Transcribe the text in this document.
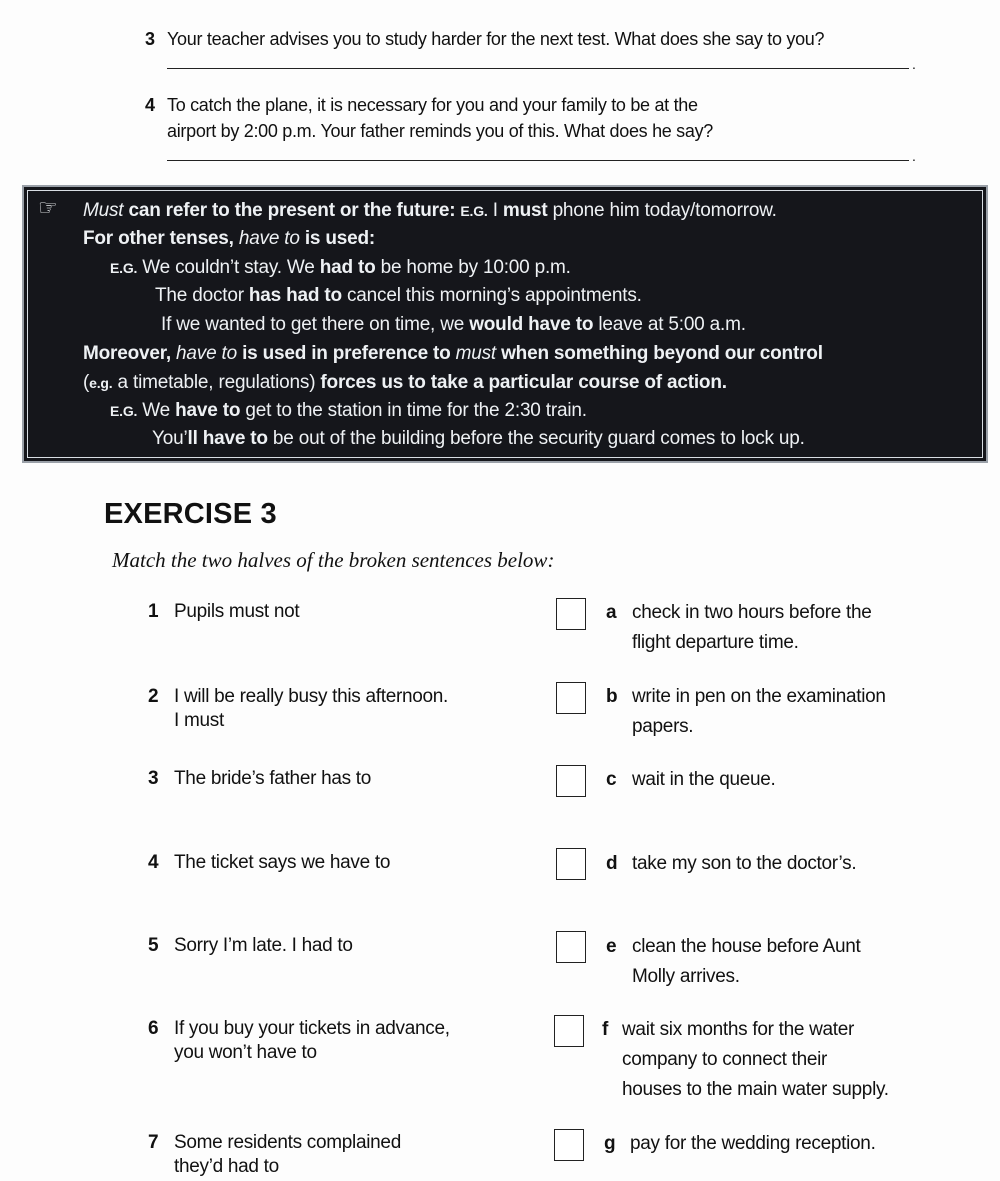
3 Your teacher advises you to study harder for the next test. What does she say to you?
.
4 To catch the plane, it is necessary for you and your family to be at the
airport by 2:00 p.m. Your father reminds you of this. What does he say?
.
☞	Must can refer to the present or the future: E.G. I must phone him today/tomorrow.
For other tenses, have to is used:
E.G. We couldn’t stay. We had to be home by 10:00 p.m.
The doctor has had to cancel this morning’s appointments.
If we wanted to get there on time, we would have to leave at 5:00 a.m.
Moreover, have to is used in preference to must when something beyond our control
(e.g. a timetable, regulations) forces us to take a particular course of action.
E.G. We have to get to the station in time for the 2:30 train.
You’ll have to be out of the building before the security guard comes to lock up.
EXERCISE 3
Match the two halves of the broken sentences below:
1 Pupils must not
2 I will be really busy this afternoon.
I must
3 The bride’s father has to
4 The ticket says we have to
5 Sorry I’m late. I had to
6 If you buy your tickets in advance,
you won’t have to
7 Some residents complained
they’d had to
a check in two hours before the
flight departure time.
b write in pen on the examination
papers.
c wait in the queue.
d take my son to the doctor’s.
e clean the house before Aunt
Molly arrives.
f wait six months for the water
company to connect their
houses to the main water supply.
g pay for the wedding reception.
